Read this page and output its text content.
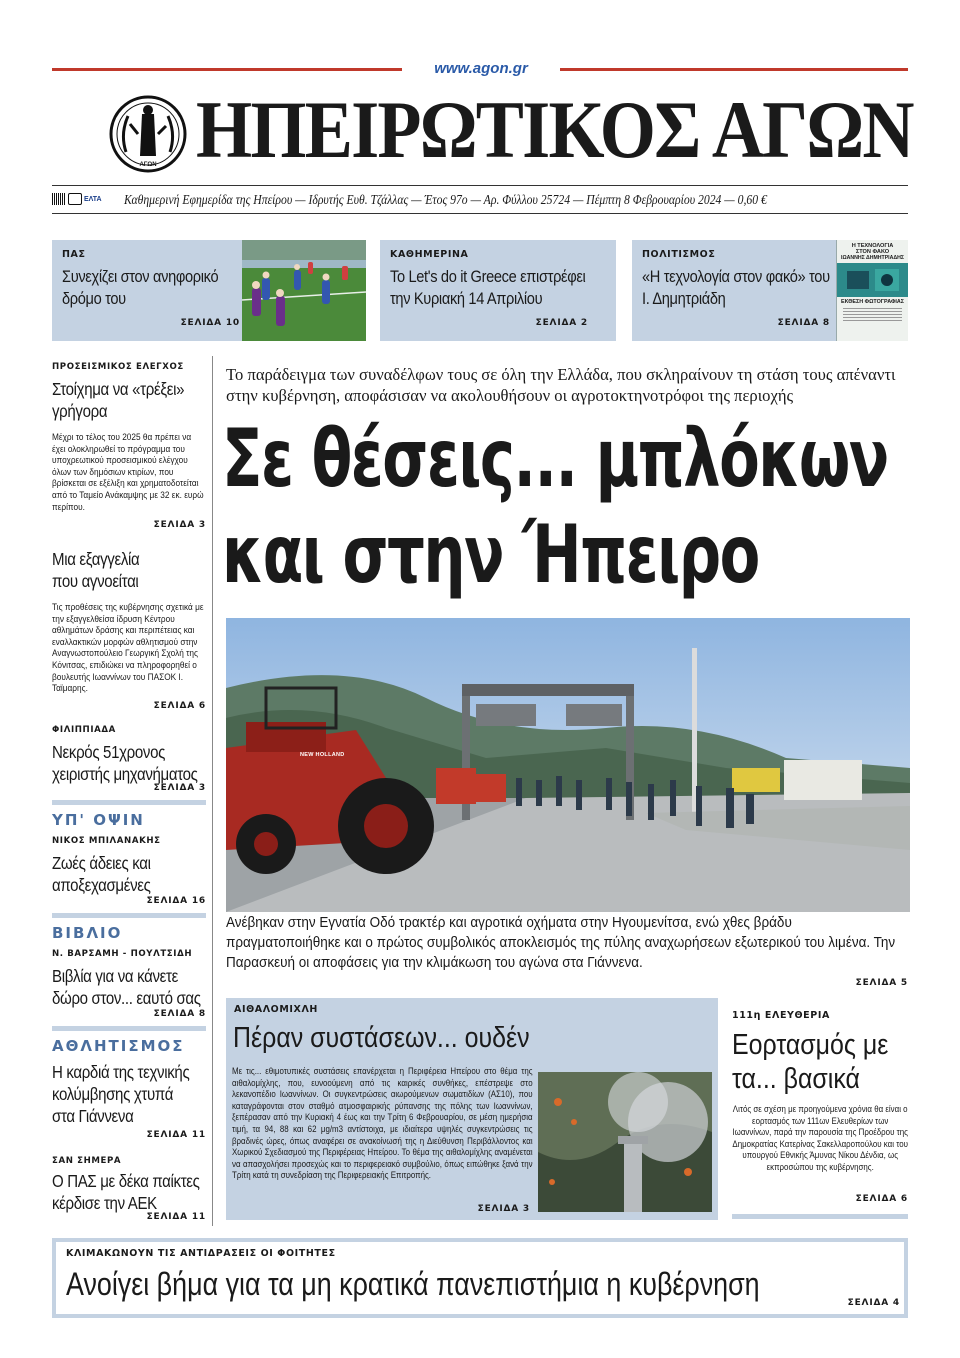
www.agon.gr
ΑΓΩΝ ΗΠΕΙΡΩΤΙΚΟΣ ΑΓΩΝ
ΕΛΤΑ Καθημερινή Εφημερίδα της Ηπείρου — Ιδρυτής Ευθ. Τζάλλας — Έτος 97ο — Αρ. Φύλλου 25724 — Πέμπτη 8 Φεβρουαρίου 2024 — 0,60 €
ΠΑΣ
Συνεχίζει στον ανηφορικό δρόμο του
ΣΕΛΙΔΑ 10
ΚΑΘΗΜΕΡΙΝΑ
Το Let's do it Greece επιστρέφει την Κυριακή 14 Απριλίου
ΣΕΛΙΔΑ 2
ΠΟΛΙΤΙΣΜΟΣ
«Η τεχνολογία στον φακό» του Ι. Δημητριάδη
ΣΕΛΙΔΑ 8
Η ΤΕΧΝΟΛΟΓΙΑ
ΣΤΟΝ ΦΑΚΟ
ΙΩΑΝΝΗΣ ΔΗΜΗΤΡΙΑΔΗΣ
ΕΚΘΕΣΗ ΦΩΤΟΓΡΑΦΙΑΣ
ΠΡΟΣΕΙΣΜΙΚΟΣ ΕΛΕΓΧΟΣ
Στοίχημα να «τρέξει» γρήγορα
Μέχρι το τέλος του 2025 θα πρέπει να έχει ολοκληρωθεί το πρόγραμμα του υποχρεωτικού προσεισμικού ελέγχου όλων των δημόσιων κτιρίων, που βρίσκεται σε εξέλιξη και χρηματοδοτείται από το Ταμείο Ανάκαμψης με 32 εκ. ευρώ περίπου.
ΣΕΛΙΔΑ 3
Μια εξαγγελία που αγνοείται
Τις προθέσεις της κυβέρνησης σχετικά με την εξαγγελθείσα ίδρυση Κέντρου αθλημάτων δράσης και περιπέτειας και εναλλακτικών μορφών αθλητισμού στην Αναγνωστοπούλειο Γεωργική Σχολή της Κόνιτσας, επιδιώκει να πληροφορηθεί ο βουλευτής Ιωαννίνων του ΠΑΣΟΚ Ι. Ταϊμαρης.
ΣΕΛΙΔΑ 6
ΦΙΛΙΠΠΙΑΔΑ
Νεκρός 51χρονος χειριστής μηχανήματος
ΣΕΛΙΔΑ 3
ΥΠ' ΟΨΙΝ
ΝΙΚΟΣ ΜΠΙΛΑΝΑΚΗΣ
Ζωές άδειες και αποξεχασμένες
ΣΕΛΙΔΑ 16
ΒΙΒΛΙΟ
Ν. ΒΑΡΣΑΜΗ - ΠΟΥΛΤΣΙΔΗ
Βιβλία για να κάνετε δώρο στον... εαυτό σας
ΣΕΛΙΔΑ 8
ΑΘΛΗΤΙΣΜΟΣ
Η καρδιά της τεχνικής κολύμβησης χτυπά στα Γιάννενα
ΣΕΛΙΔΑ 11
ΣΑΝ ΣΗΜΕΡΑ
Ο ΠΑΣ με δέκα παίκτες κέρδισε την ΑΕΚ
ΣΕΛΙΔΑ 11
Το παράδειγμα των συναδέλφων τους σε όλη την Ελλάδα, που σκληραίνουν τη στάση τους απέναντι στην κυβέρνηση, αποφάσισαν να ακολουθήσουν οι αγροτοκτηνοτρόφοι της περιοχής
Σε θέσεις... μπλόκων
και στην Ήπειρο
NEW HOLLAND
Ανέβηκαν στην Εγνατία Οδό τρακτέρ και αγροτικά οχήματα στην Ηγουμενίτσα, ενώ χθες βράδυ πραγματοποιήθηκε και ο πρώτος συμβολικός αποκλεισμός της πύλης αναχωρήσεων εξωτερικού του λιμένα. Την Παρασκευή οι αποφάσεις για την κλιμάκωση του αγώνα στα Γιάννενα.
ΣΕΛΙΔΑ 5
ΑΙΘΑΛΟΜΙΧΛΗ
Πέραν συστάσεων... ουδέν
Με τις... εθιμοτυπικές συστάσεις επανέρχεται η Περιφέρεια Ηπείρου στο θέμα της αιθαλομίχλης, που, ευνοούμενη από τις καιρικές συνθήκες, επέστρεψε στο λεκανοπέδιο Ιωαννίνων. Οι συγκεντρώσεις αιωρούμενων σωματιδίων (ΑΣ10), που καταγράφονται στον σταθμό ατμοσφαιρικής ρύπανσης της πόλης των Ιωαννίνων, ξεπέρασαν από την Κυριακή 4 έως και την Τρίτη 6 Φεβρουαρίου, σε μέση ημερήσια τιμή, τα 94, 88 και 62 μg/m3 αντίστοιχα, με ιδιαίτερα υψηλές συγκεντρώσεις τις βραδινές ώρες, όπως αναφέρει σε ανακοίνωσή της η Διεύθυνση Περιβάλλοντος και Χωρικού Σχεδιασμού της Περιφέρειας Ηπείρου. Το θέμα της αιθαλομίχλης αναμένεται να απασχολήσει προσεχώς και το περιφερειακό συμβούλιο, όπως ειπώθηκε ξανά την Τρίτη κατά τη συνεδρίαση της Περιφερειακής Επιτροπής.
ΣΕΛΙΔΑ 3
111η ΕΛΕΥΘΕΡΙΑ
Εορτασμός με τα... βασικά
Λιτός σε σχέση με προηγούμενα χρόνια θα είναι ο εορτασμός των 111ων Ελευθερίων των Ιωαννίνων, παρά την παρουσία της Προέδρου της Δημοκρατίας Κατερίνας Σακελλαροπούλου και του υπουργού Εθνικής Άμυνας Νίκου Δένδια, ως εκπροσώπου της κυβέρνησης.
ΣΕΛΙΔΑ 6
ΚΛΙΜΑΚΩΝΟΥΝ ΤΙΣ ΑΝΤΙΔΡΑΣΕΙΣ ΟΙ ΦΟΙΤΗΤΕΣ
Ανοίγει βήμα για τα μη κρατικά πανεπιστήμια η κυβέρνηση
ΣΕΛΙΔΑ 4
